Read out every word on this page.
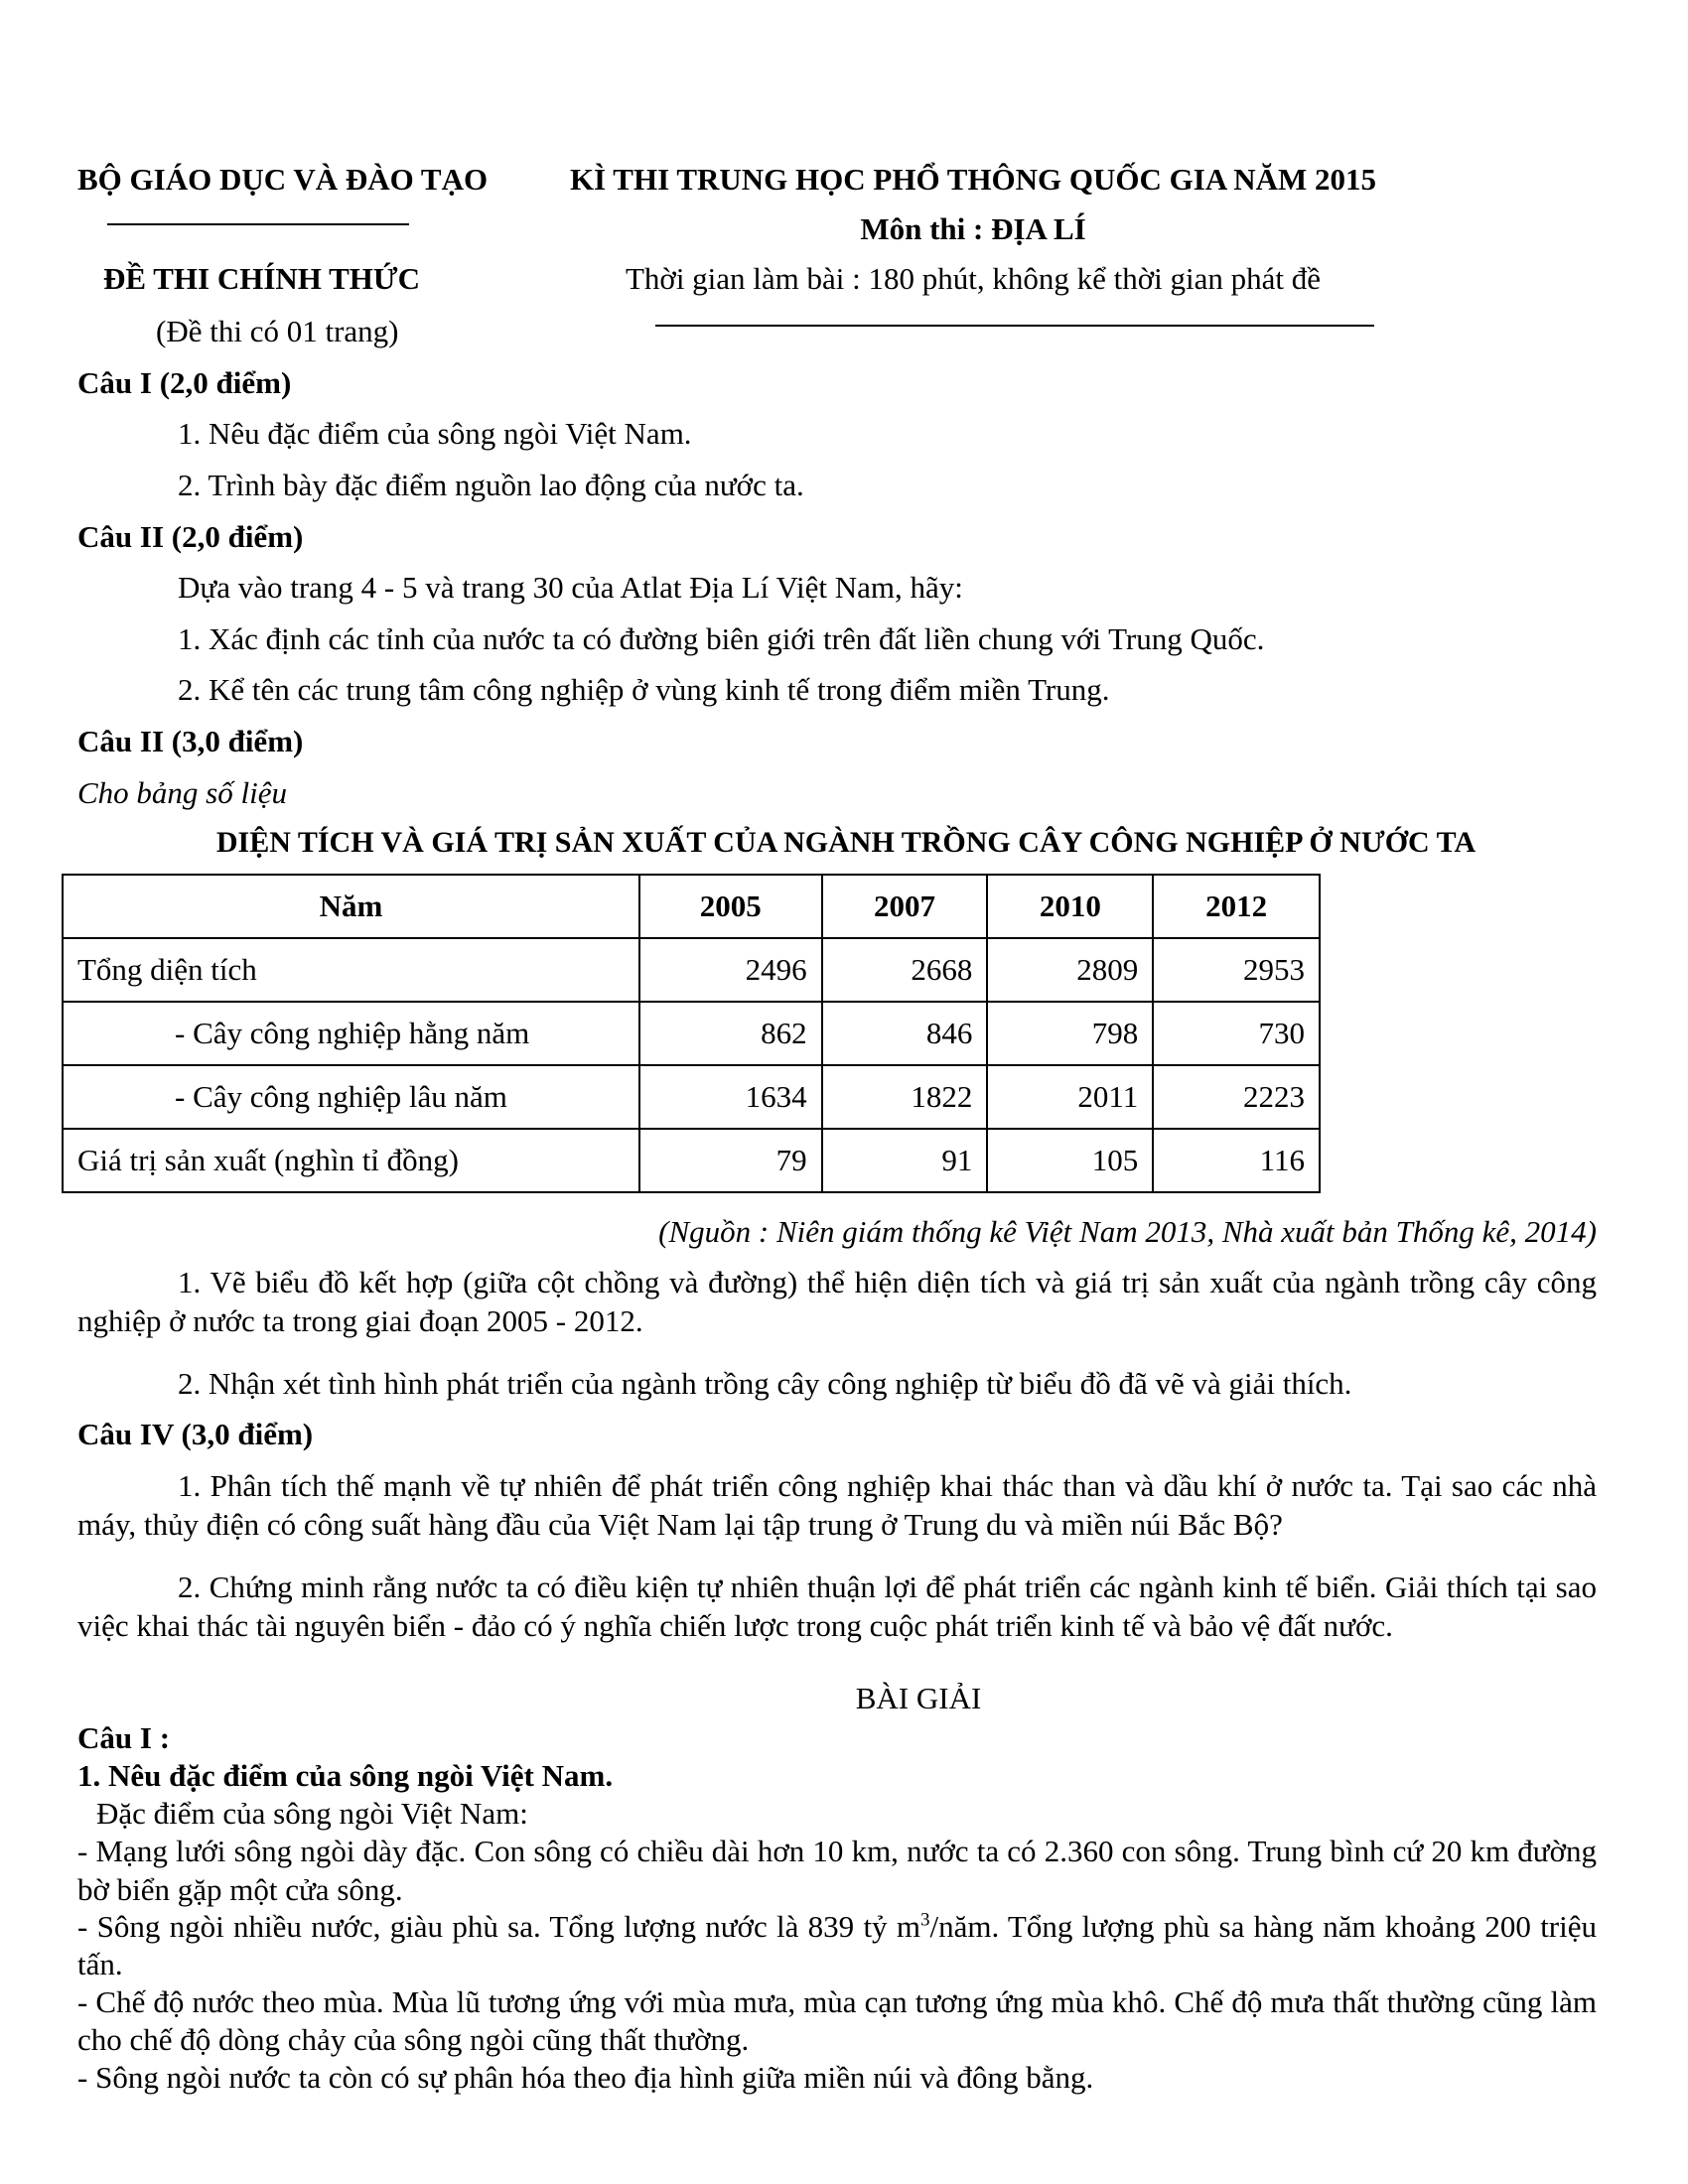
BỘ GIÁO DỤC VÀ ĐÀO TẠO	KÌ THI TRUNG HỌC PHỔ THÔNG QUỐC GIA NĂM 2015
Môn thi : ĐỊA LÍ
ĐỀ THI CHÍNH THỨC	Thời gian làm bài : 180 phút, không kể thời gian phát đề
(Đề thi có 01 trang)
Câu I (2,0 điểm)
1. Nêu đặc điểm của sông ngòi Việt Nam.
2. Trình bày đặc điểm nguồn lao động của nước ta.
Câu II (2,0 điểm)
Dựa vào trang 4 - 5 và trang 30 của Atlat Địa Lí Việt Nam, hãy:
1. Xác định các tỉnh của nước ta có đường biên giới trên đất liền chung với Trung Quốc.
2. Kể tên các trung tâm công nghiệp ở vùng kinh tế trong điểm miền Trung.
Câu II (3,0 điểm)
Cho bảng số liệu
DIỆN TÍCH VÀ GIÁ TRỊ SẢN XUẤT CỦA NGÀNH TRỒNG CÂY CÔNG NGHIỆP Ở NƯỚC TA
Năm	2005	2007	2010	2012
Tổng diện tích	2496	2668	2809	2953
- Cây công nghiệp hằng năm	862	846	798	730
- Cây công nghiệp lâu năm	1634	1822	2011	2223
Giá trị sản xuất (nghìn tỉ đồng)	79	91	105	116
(Nguồn : Niên giám thống kê Việt Nam 2013, Nhà xuất bản Thống kê, 2014)
1. Vẽ biểu đồ kết hợp (giữa cột chồng và đường) thể hiện diện tích và giá trị sản xuất của ngành trồng cây công nghiệp ở nước ta trong giai đoạn 2005 - 2012.
2. Nhận xét tình hình phát triển của ngành trồng cây công nghiệp từ biểu đồ đã vẽ và giải thích.
Câu IV (3,0 điểm)
1. Phân tích thế mạnh về tự nhiên để phát triển công nghiệp khai thác than và dầu khí ở nước ta. Tại sao các nhà máy, thủy điện có công suất hàng đầu của Việt Nam lại tập trung ở Trung du và miền núi Bắc Bộ?
2. Chứng minh rằng nước ta có điều kiện tự nhiên thuận lợi để phát triển các ngành kinh tế biển. Giải thích tại sao việc khai thác tài nguyên biển - đảo có ý nghĩa chiến lược trong cuộc phát triển kinh tế và bảo vệ đất nước.
BÀI GIẢI
Câu I :
1. Nêu đặc điểm của sông ngòi Việt Nam.
Đặc điểm của sông ngòi Việt Nam:
- Mạng lưới sông ngòi dày đặc. Con sông có chiều dài hơn 10 km, nước ta có 2.360 con sông. Trung bình cứ 20 km đường bờ biển gặp một cửa sông.
- Sông ngòi nhiều nước, giàu phù sa. Tổng lượng nước là 839 tỷ $m^3$/năm. Tổng lượng phù sa hàng năm khoảng 200 triệu tấn.
- Chế độ nước theo mùa. Mùa lũ tương ứng với mùa mưa, mùa cạn tương ứng mùa khô. Chế độ mưa thất thường cũng làm cho chế độ dòng chảy của sông ngòi cũng thất thường.
- Sông ngòi nước ta còn có sự phân hóa theo địa hình giữa miền núi và đông bằng.
